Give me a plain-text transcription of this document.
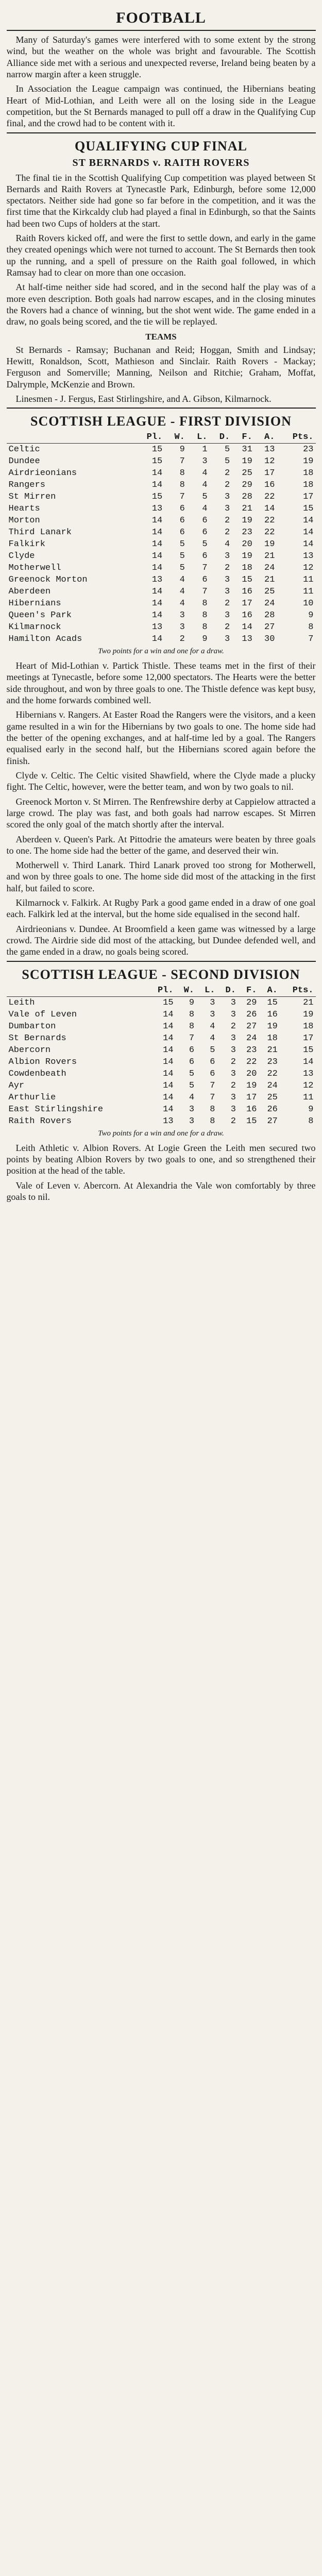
FOOTBALL

Many of Saturday's games were interfered with to some extent by the strong wind, but the weather on the whole was bright and favourable. The Scottish Alliance side met with a serious and unexpected reverse, Ireland being beaten by a narrow margin after a keen struggle.

In Association the League campaign was continued, the Hibernians beating Heart of Mid-Lothian, and Leith were all on the losing side in the League competition, but the St Bernards managed to pull off a draw in the Qualifying Cup final, and the crowd had to be content with it.

QUALIFYING CUP FINAL
ST BERNARDS v. RAITH ROVERS

The final tie in the Scottish Qualifying Cup competition was played between St Bernards and Raith Rovers at Tynecastle Park, Edinburgh, before some 12,000 spectators. Neither side had gone so far before in the competition, and it was the first time that the Kirkcaldy club had played a final in Edinburgh, so that the Saints had been two Cups of holders at the start.

Raith Rovers kicked off, and were the first to settle down, and early in the game they created openings which were not turned to account. The St Bernards then took up the running, and a spell of pressure on the Raith goal followed, in which Ramsay had to clear on more than one occasion.

At half-time neither side had scored, and in the second half the play was of a more even description. Both goals had narrow escapes, and in the closing minutes the Rovers had a chance of winning, but the shot went wide. The game ended in a draw, no goals being scored, and the tie will be replayed.

TEAMS

St Bernards - Ramsay; Buchanan and Reid; Hoggan, Smith and Lindsay; Hewitt, Ronaldson, Scott, Mathieson and Sinclair. Raith Rovers - Mackay; Ferguson and Somerville; Manning, Neilson and Ritchie; Graham, Moffat, Dalrymple, McKenzie and Brown.

Linesmen - J. Fergus, East Stirlingshire, and A. Gibson, Kilmarnock.

SCOTTISH LEAGUE - FIRST DIVISION
	Pl.	W.	L.	D.	F.	A.	Pts.
Celtic	15	9	1	5	31	13	23
Dundee	15	7	3	5	19	12	19
Airdrieonians	14	8	4	2	25	17	18
Rangers	14	8	4	2	29	16	18
St Mirren	15	7	5	3	28	22	17
Hearts	13	6	4	3	21	14	15
Morton	14	6	6	2	19	22	14
Third Lanark	14	6	6	2	23	22	14
Falkirk	14	5	5	4	20	19	14
Clyde	14	5	6	3	19	21	13
Motherwell	14	5	7	2	18	24	12
Greenock Morton	13	4	6	3	15	21	11
Aberdeen	14	4	7	3	16	25	11
Hibernians	14	4	8	2	17	24	10
Queen's Park	14	3	8	3	16	28	9
Kilmarnock	13	3	8	2	14	27	8
Hamilton Acads	14	2	9	3	13	30	7
Two points for a win and one for a draw.

Heart of Mid-Lothian v. Partick Thistle. These teams met in the first of their meetings at Tynecastle, before some 12,000 spectators. The Hearts were the better side throughout, and won by three goals to one. The Thistle defence was kept busy, and the home forwards combined well.

Hibernians v. Rangers. At Easter Road the Rangers were the visitors, and a keen game resulted in a win for the Hibernians by two goals to one. The home side had the better of the opening exchanges, and at half-time led by a goal. The Rangers equalised early in the second half, but the Hibernians scored again before the finish.

Clyde v. Celtic. The Celtic visited Shawfield, where the Clyde made a plucky fight. The Celtic, however, were the better team, and won by two goals to nil.

Greenock Morton v. St Mirren. The Renfrewshire derby at Cappielow attracted a large crowd. The play was fast, and both goals had narrow escapes. St Mirren scored the only goal of the match shortly after the interval.

Aberdeen v. Queen's Park. At Pittodrie the amateurs were beaten by three goals to one. The home side had the better of the game, and deserved their win.

Motherwell v. Third Lanark. Third Lanark proved too strong for Motherwell, and won by three goals to one. The home side did most of the attacking in the first half, but failed to score.

Kilmarnock v. Falkirk. At Rugby Park a good game ended in a draw of one goal each. Falkirk led at the interval, but the home side equalised in the second half.

Airdrieonians v. Dundee. At Broomfield a keen game was witnessed by a large crowd. The Airdrie side did most of the attacking, but Dundee defended well, and the game ended in a draw, no goals being scored.

SCOTTISH LEAGUE - SECOND DIVISION
	Pl.	W.	L.	D.	F.	A.	Pts.
Leith	15	9	3	3	29	15	21
Vale of Leven	14	8	3	3	26	16	19
Dumbarton	14	8	4	2	27	19	18
St Bernards	14	7	4	3	24	18	17
Abercorn	14	6	5	3	23	21	15
Albion Rovers	14	6	6	2	22	23	14
Cowdenbeath	14	5	6	3	20	22	13
Ayr	14	5	7	2	19	24	12
Arthurlie	14	4	7	3	17	25	11
East Stirlingshire	14	3	8	3	16	26	9
Raith Rovers	13	3	8	2	15	27	8
Two points for a win and one for a draw.

Leith Athletic v. Albion Rovers. At Logie Green the Leith men secured two points by beating Albion Rovers by two goals to one, and so strengthened their position at the head of the table.

Vale of Leven v. Abercorn. At Alexandria the Vale won comfortably by three goals to nil.
